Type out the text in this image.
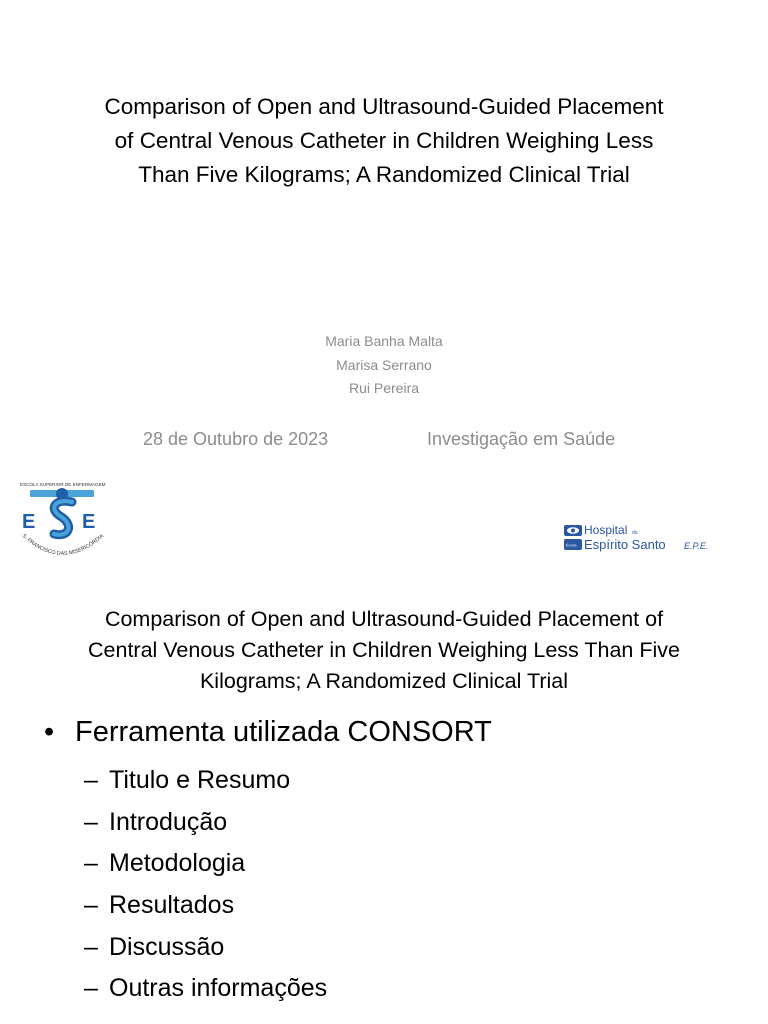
Comparison of Open and Ultrasound-Guided Placement
of Central Venous Catheter in Children Weighing Less
Than Five Kilograms; A Randomized Clinical Trial
Maria Banha Malta
Marisa Serrano
Rui Pereira
28 de Outubro de 2023	Investigação em Saúde
ESCOLA SUPERIOR DE ENFERMAGEM
E E
S. FRANCISCO DAS MISERICÓRDIA
Évora
Hospital do
Espírito Santo E.P.E.
Comparison of Open and Ultrasound-Guided Placement of
Central Venous Catheter in Children Weighing Less Than Five
Kilograms; A Randomized Clinical Trial
• Ferramenta utilizada CONSORT
– Titulo e Resumo
– Introdução
– Metodologia
– Resultados
– Discussão
– Outras informações
